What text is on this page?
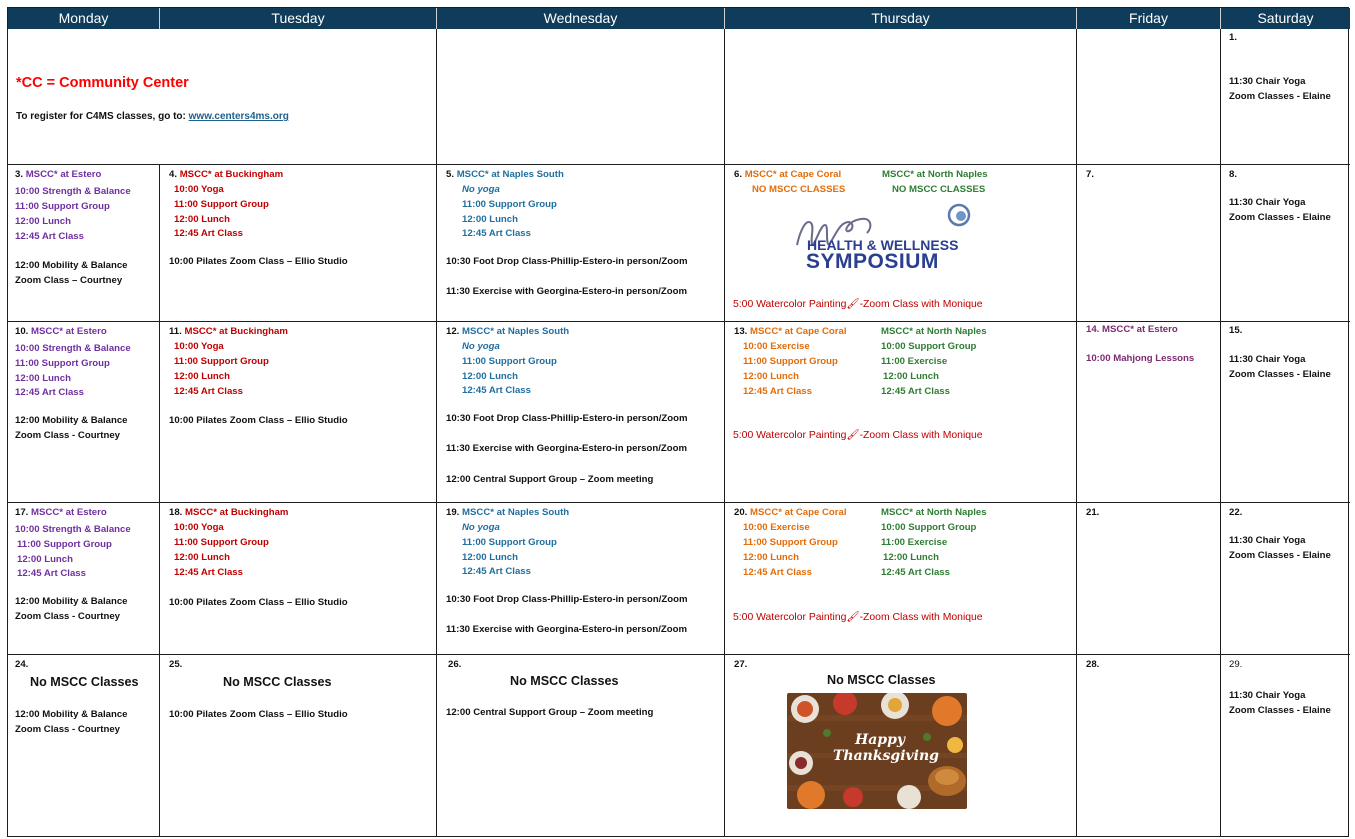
Monday	Tuesday	Wednesday	Thursday	Friday	Saturday
*CC = Community Center
To register for C4MS classes, go to: www.centers4ms.org
1.
11:30 Chair Yoga
Zoom Classes - Elaine
3. MSCC* at Estero
10:00 Strength & Balance
11:00 Support Group
12:00 Lunch
12:45 Art Class
12:00 Mobility & Balance
Zoom Class – Courtney
4. MSCC* at Buckingham
10:00 Yoga
11:00 Support Group
12:00 Lunch
12:45 Art Class
10:00 Pilates Zoom Class – Ellio Studio
5. MSCC* at Naples South
No yoga
11:00 Support Group
12:00 Lunch
12:45 Art Class
10:30 Foot Drop Class-Phillip-Estero-in person/Zoom
11:30 Exercise with Georgina-Estero-in person/Zoom
6. MSCC* at Cape Coral	MSCC* at North Naples
NO MSCC CLASSES	NO MSCC CLASSES
HEALTH & WELLNESS
SYMPOSIUM
5:00 Watercolor Painting🖌-Zoom Class with Monique
7.	8.
11:30 Chair Yoga
Zoom Classes - Elaine
10. MSCC* at Estero
10:00 Strength & Balance
11:00 Support Group
12:00 Lunch
12:45 Art Class
12:00 Mobility & Balance
Zoom Class - Courtney
11. MSCC* at Buckingham
10:00 Yoga
11:00 Support Group
12:00 Lunch
12:45 Art Class
10:00 Pilates Zoom Class – Ellio Studio
12. MSCC* at Naples South
No yoga
11:00 Support Group
12:00 Lunch
12:45 Art Class
10:30 Foot Drop Class-Phillip-Estero-in person/Zoom
11:30 Exercise with Georgina-Estero-in person/Zoom
12:00 Central Support Group – Zoom meeting
13. MSCC* at Cape Coral	MSCC* at North Naples
10:00 Exercise
11:00 Support Group
12:00 Lunch
12:45 Art Class
10:00 Support Group
11:00 Exercise
12:00 Lunch
12:45 Art Class
5:00 Watercolor Painting🖌-Zoom Class with Monique
14. MSCC* at Estero
10:00 Mahjong Lessons
15.
11:30 Chair Yoga
Zoom Classes - Elaine
17. MSCC* at Estero
10:00 Strength & Balance
11:00 Support Group
12:00 Lunch
12:45 Art Class
12:00 Mobility & Balance
Zoom Class - Courtney
18. MSCC* at Buckingham
10:00 Yoga
11:00 Support Group
12:00 Lunch
12:45 Art Class
10:00 Pilates Zoom Class – Ellio Studio
19. MSCC* at Naples South
No yoga
11:00 Support Group
12:00 Lunch
12:45 Art Class
10:30 Foot Drop Class-Phillip-Estero-in person/Zoom
11:30 Exercise with Georgina-Estero-in person/Zoom
20. MSCC* at Cape Coral	MSCC* at North Naples
10:00 Exercise
11:00 Support Group
12:00 Lunch
12:45 Art Class
10:00 Support Group
11:00 Exercise
12:00 Lunch
12:45 Art Class
5:00 Watercolor Painting🖌-Zoom Class with Monique
21.	22.
11:30 Chair Yoga
Zoom Classes - Elaine
24.
No MSCC Classes
12:00 Mobility & Balance
Zoom Class - Courtney
25.
No MSCC Classes
10:00 Pilates Zoom Class – Ellio Studio
26.
No MSCC Classes
12:00 Central Support Group – Zoom meeting
27.
No MSCC Classes
Happy
Thanksgiving
28.	29.
11:30 Chair Yoga
Zoom Classes - Elaine
